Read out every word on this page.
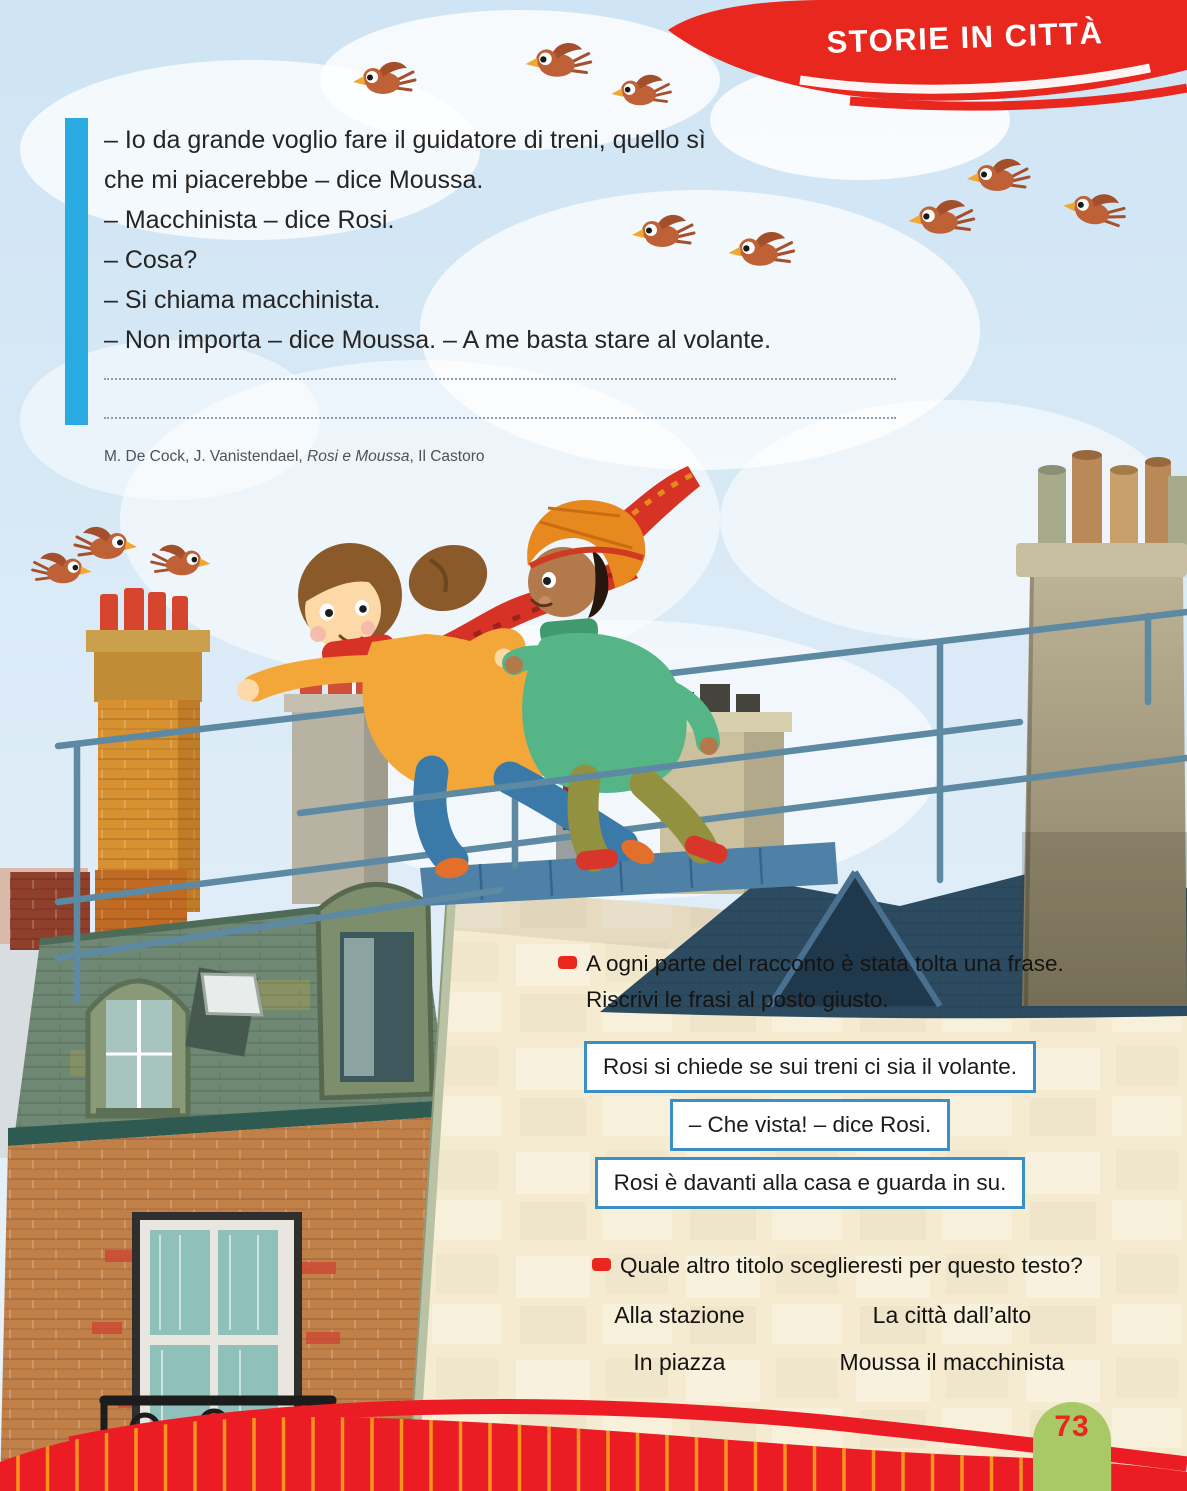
STORIE IN CITTÀ
– Io da grande voglio fare il guidatore di treni, quello sì
che mi piacerebbe – dice Moussa.
– Macchinista – dice Rosi.
– Cosa?
– Si chiama macchinista.
– Non importa – dice Moussa. – A me basta stare al volante.
M. De Cock, J. Vanistendael, Rosi e Moussa, Il Castoro
A ogni parte del racconto è stata tolta una frase.
Riscrivi le frasi al posto giusto.
Rosi si chiede se sui treni ci sia il volante.
– Che vista! – dice Rosi.
Rosi è davanti alla casa e guarda in su.
Quale altro titolo sceglieresti per questo testo?
Alla stazione	La città dall’alto
In piazza	Moussa il macchinista
73
